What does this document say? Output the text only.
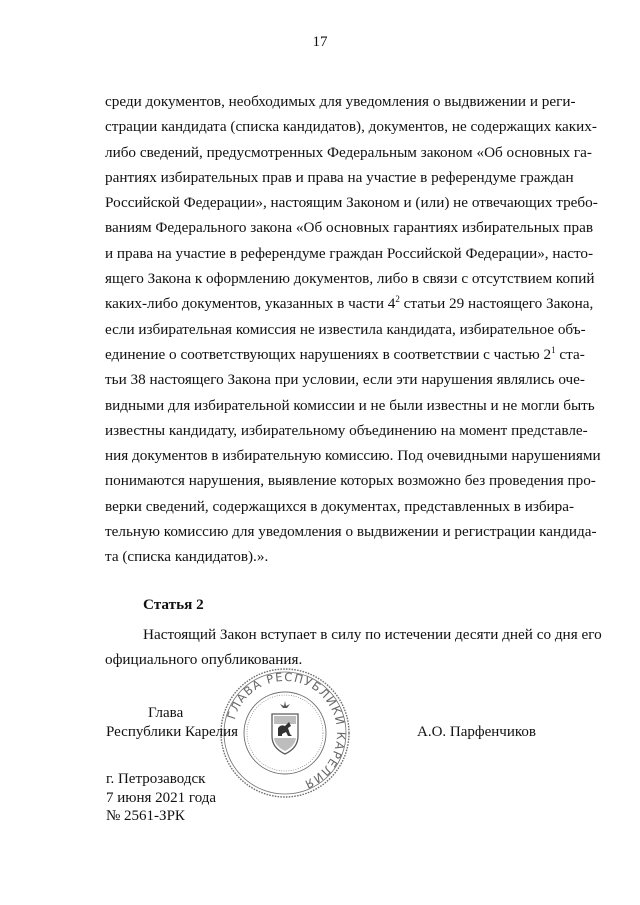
17
среди документов, необходимых для уведомления о выдвижении и реги-
страции кандидата (списка кандидатов), документов, не содержащих каких-
либо сведений, предусмотренных Федеральным законом «Об основных га-
рантиях избирательных прав и права на участие в референдуме граждан
Российской Федерации», настоящим Законом и (или) не отвечающих требо-
ваниям Федерального закона «Об основных гарантиях избирательных прав
и права на участие в референдуме граждан Российской Федерации», насто-
ящего Закона к оформлению документов, либо в связи с отсутствием копий
каких-либо документов, указанных в части $4^2$ статьи 29 настоящего Закона,
если избирательная комиссия не известила кандидата, избирательное объ-
единение о соответствующих нарушениях в соответствии с частью $2^1$ ста-
тьи 38 настоящего Закона при условии, если эти нарушения являлись оче-
видными для избирательной комиссии и не были известны и не могли быть
известны кандидату, избирательному объединению на момент представле-
ния документов в избирательную комиссию. Под очевидными нарушениями
понимаются нарушения, выявление которых возможно без проведения про-
верки сведений, содержащихся в документах, представленных в избира-
тельную комиссию для уведомления о выдвижении и регистрации кандида-
та (списка кандидатов).».
Статья 2
Настоящий Закон вступает в силу по истечении десяти дней со дня его
официального опубликования.
ГЛАВА РЕСПУБЛИКИ КАРЕЛИЯ
Глава
Республики Карелия	А.О. Парфенчиков
г. Петрозаводск
7 июня 2021 года
№ 2561-ЗРК
